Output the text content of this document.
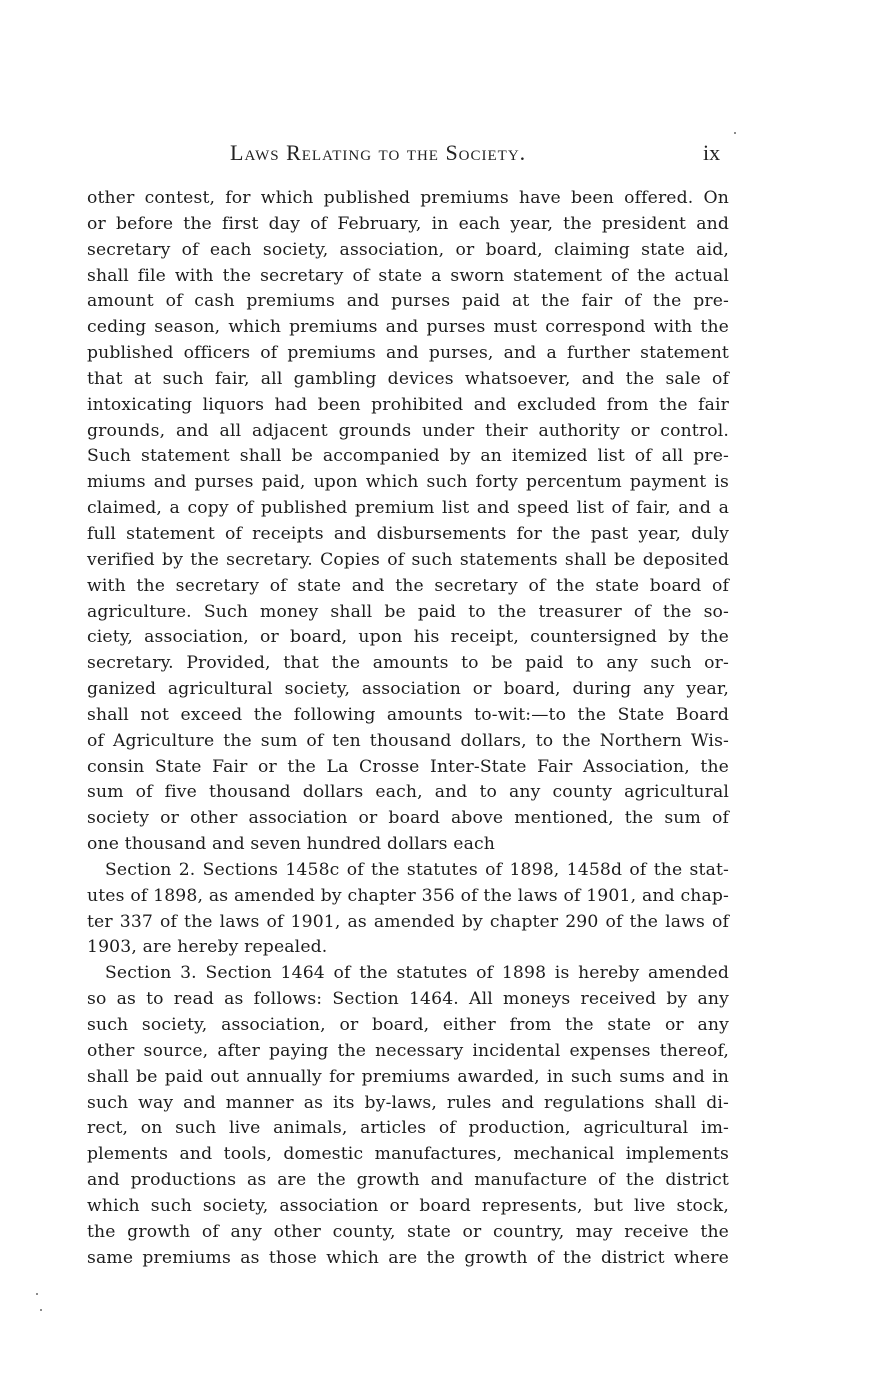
Laws Relating to the Society.	ix
other contest, for which published premiums have been offered. On
or before the first day of February, in each year, the president and
secretary of each society, association, or board, claiming state aid,
shall file with the secretary of state a sworn statement of the actual
amount of cash premiums and purses paid at the fair of the pre-
ceding season, which premiums and purses must correspond with the
published officers of premiums and purses, and a further statement
that at such fair, all gambling devices whatsoever, and the sale of
intoxicating liquors had been prohibited and excluded from the fair
grounds, and all adjacent grounds under their authority or control.
Such statement shall be accompanied by an itemized list of all pre-
miums and purses paid, upon which such forty percentum payment is
claimed, a copy of published premium list and speed list of fair, and a
full statement of receipts and disbursements for the past year, duly
verified by the secretary. Copies of such statements shall be deposited
with the secretary of state and the secretary of the state board of
agriculture. Such money shall be paid to the treasurer of the so-
ciety, association, or board, upon his receipt, countersigned by the
secretary. Provided, that the amounts to be paid to any such or-
ganized agricultural society, association or board, during any year,
shall not exceed the following amounts to-wit:—to the State Board
of Agriculture the sum of ten thousand dollars, to the Northern Wis-
consin State Fair or the La Crosse Inter-State Fair Association, the
sum of five thousand dollars each, and to any county agricultural
society or other association or board above mentioned, the sum of
one thousand and seven hundred dollars each
Section 2. Sections 1458c of the statutes of 1898, 1458d of the stat-
utes of 1898, as amended by chapter 356 of the laws of 1901, and chap-
ter 337 of the laws of 1901, as amended by chapter 290 of the laws of
1903, are hereby repealed.
Section 3. Section 1464 of the statutes of 1898 is hereby amended
so as to read as follows: Section 1464. All moneys received by any
such society, association, or board, either from the state or any
other source, after paying the necessary incidental expenses thereof,
shall be paid out annually for premiums awarded, in such sums and in
such way and manner as its by-laws, rules and regulations shall di-
rect, on such live animals, articles of production, agricultural im-
plements and tools, domestic manufactures, mechanical implements
and productions as are the growth and manufacture of the district
which such society, association or board represents, but live stock,
the growth of any other county, state or country, may receive the
same premiums as those which are the growth of the district where
